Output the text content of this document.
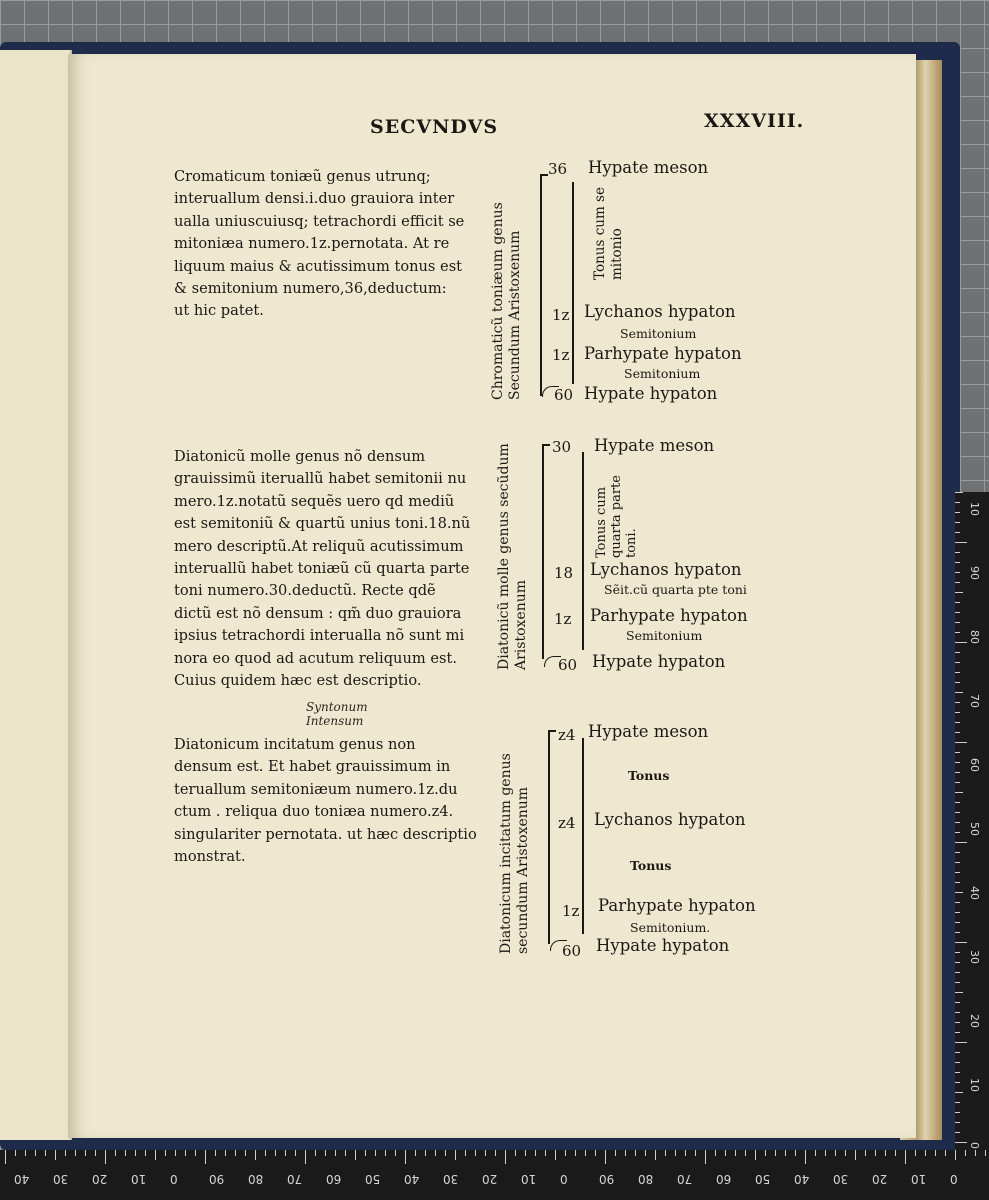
0
10
20
30
40
50
60
70
80
90
10
40 30 20 10 0	90 80 70 60 50 40 30 20 10 0	90 80 70 60 50 40 30 20 10 0
SECVNDVS	XXXVIII.
Cromaticum toniæũ genus utrunq;
interuallum densi.i.duo grauiora inter
ualla uniuscuiusq; tetrachordi efficit se
mitoniæa numero.1z.pernotata. At re
liquum maius & acutissimum tonus est
& semitonium numero,36,deductum:
ut hic patet.
Diatonicũ molle genus nõ densum
grauissimũ iteruallũ habet semitonii nu
mero.1z.notatũ sequẽs uero qd mediũ
est semitoniũ & quartũ unius toni.18.nũ
mero descriptũ.At reliquũ acutissimum
interuallũ habet toniæũ cũ quarta parte
toni numero.30.deductũ. Recte qdẽ
dictũ est nõ densum : qm̃ duo grauiora
ipsius tetrachordi interualla nõ sunt mi
nora eo quod ad acutum reliquum est.
Cuius quidem hæc est descriptio.
Syntonum
Intensum
Diatonicum incitatum genus non
densum est. Et habet grauissimum in
teruallum semitoniæum numero.1z.du
ctum . reliqua duo toniæa numero.z4.
singulariter pernotata. ut hæc descriptio
monstrat.
Chromaticũ toniæum genus Secundum Aristoxenum
36 Hypate meson
Tonus cum se mitonio
1z Lychanos hypaton
Semitonium
1z Parhypate hypaton
Semitonium
60 Hypate hypaton
Diatonicũ molle genus secũdum Aristoxenum
30 Hypate meson
Tonus cum quarta parte toni.
18 Lychanos hypaton
Sẽit.cũ quarta pte toni
1z Parhypate hypaton
Semitonium
60 Hypate hypaton
Diatonicum incitatum genus secundum Aristoxenum
z4 Hypate meson
Tonus
z4 Lychanos hypaton
Tonus
1z Parhypate hypaton
Semitonium.
60 Hypate hypaton
